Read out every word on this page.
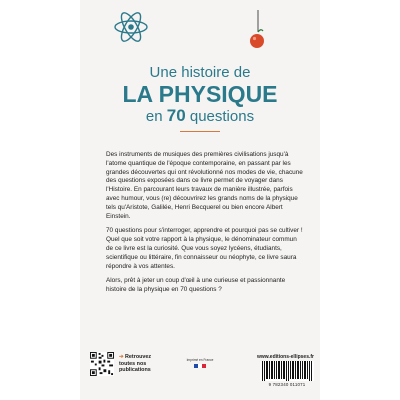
Une histoire de

LA PHYSIQUE

en 70 questions

Des instruments de musiques des premières civilisations jusqu'à l'atome quantique de l'époque contemporaine, en passant par les grandes découvertes qui ont révolutionné nos modes de vie, chacune des questions exposées dans ce livre permet de voyager dans l'Histoire. En parcourant leurs travaux de manière illustrée, parfois avec humour, vous (re) découvrirez les grands noms de la physique tels qu'Aristote, Galilée, Henri Becquerel ou bien encore Albert Einstein.

70 questions pour s'interroger, apprendre et pourquoi pas se cultiver ! Quel que soit votre rapport à la physique, le dénominateur commun de ce livre est la curiosité. Que vous soyez lycéens, étudiants, scientifique ou littéraire, fin connaisseur ou néophyte, ce livre saura répondre à vos attentes.

Alors, prêt à jeter un coup d'œil à une curieuse et passionnante histoire de la physique en 70 questions ?

➔ Retrouvez
toutes nos
publications
Imprimé en France	www.editions-ellipses.fr
9 782340 011071
